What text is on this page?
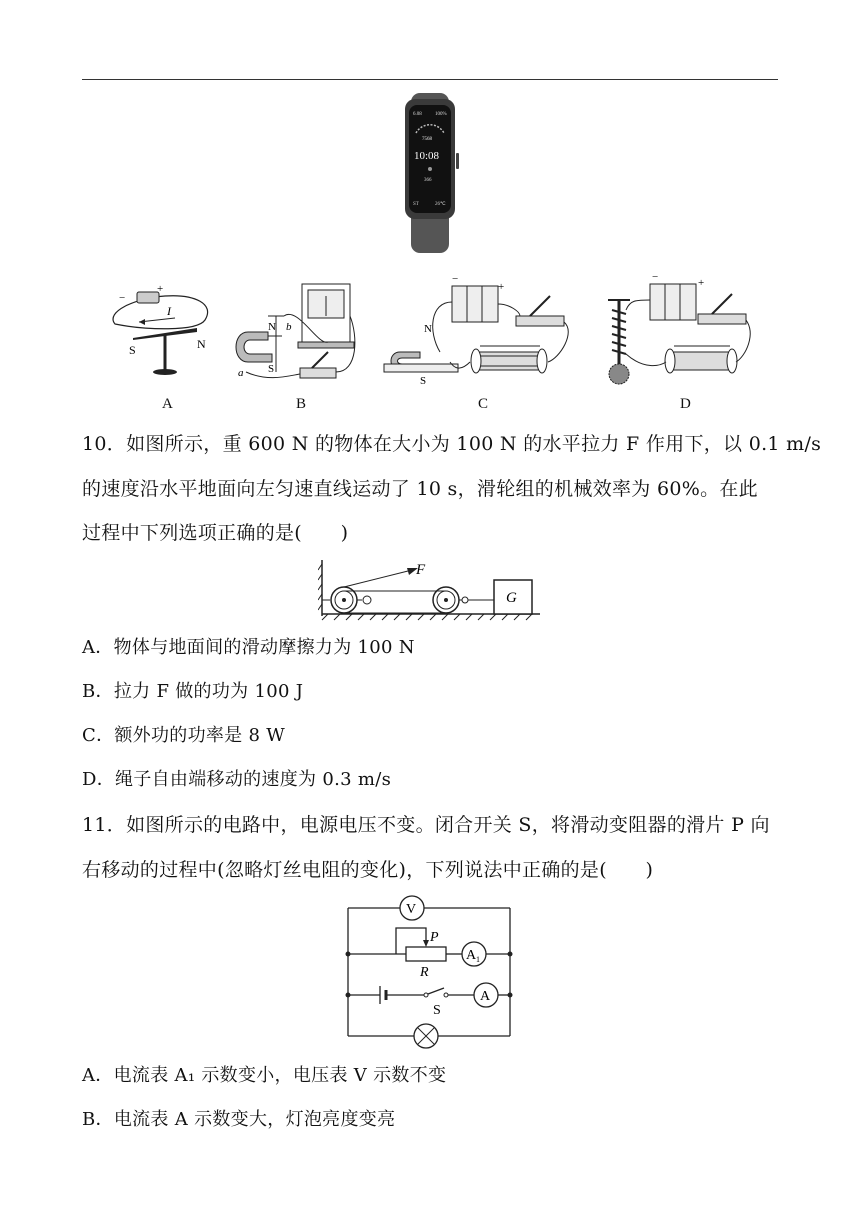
6.08	100%
7568
10:08
366
ST	26℃
−
+
I
S	N
A
N b
a S
B
−
+
N
S
C
−	+
D
10．如图所示，重 600 N 的物体在大小为 100 N 的水平拉力 F 作用下，以 0.1 m/s
的速度沿水平地面向左匀速直线运动了 10 s，滑轮组的机械效率为 60%。在此
过程中下列选项正确的是(　　)
F
G
A．物体与地面间的滑动摩擦力为 100 N
B．拉力 F 做的功为 100 J
C．额外功的功率是 8 W
D．绳子自由端移动的速度为 0.3 m/s
11．如图所示的电路中，电源电压不变。闭合开关 S，将滑动变阻器的滑片 P 向
右移动的过程中(忽略灯丝电阻的变化)，下列说法中正确的是(　　)
V
A 1
P
R
S
A
A．电流表 A₁ 示数变小，电压表 V 示数不变
B．电流表 A 示数变大，灯泡亮度变亮
